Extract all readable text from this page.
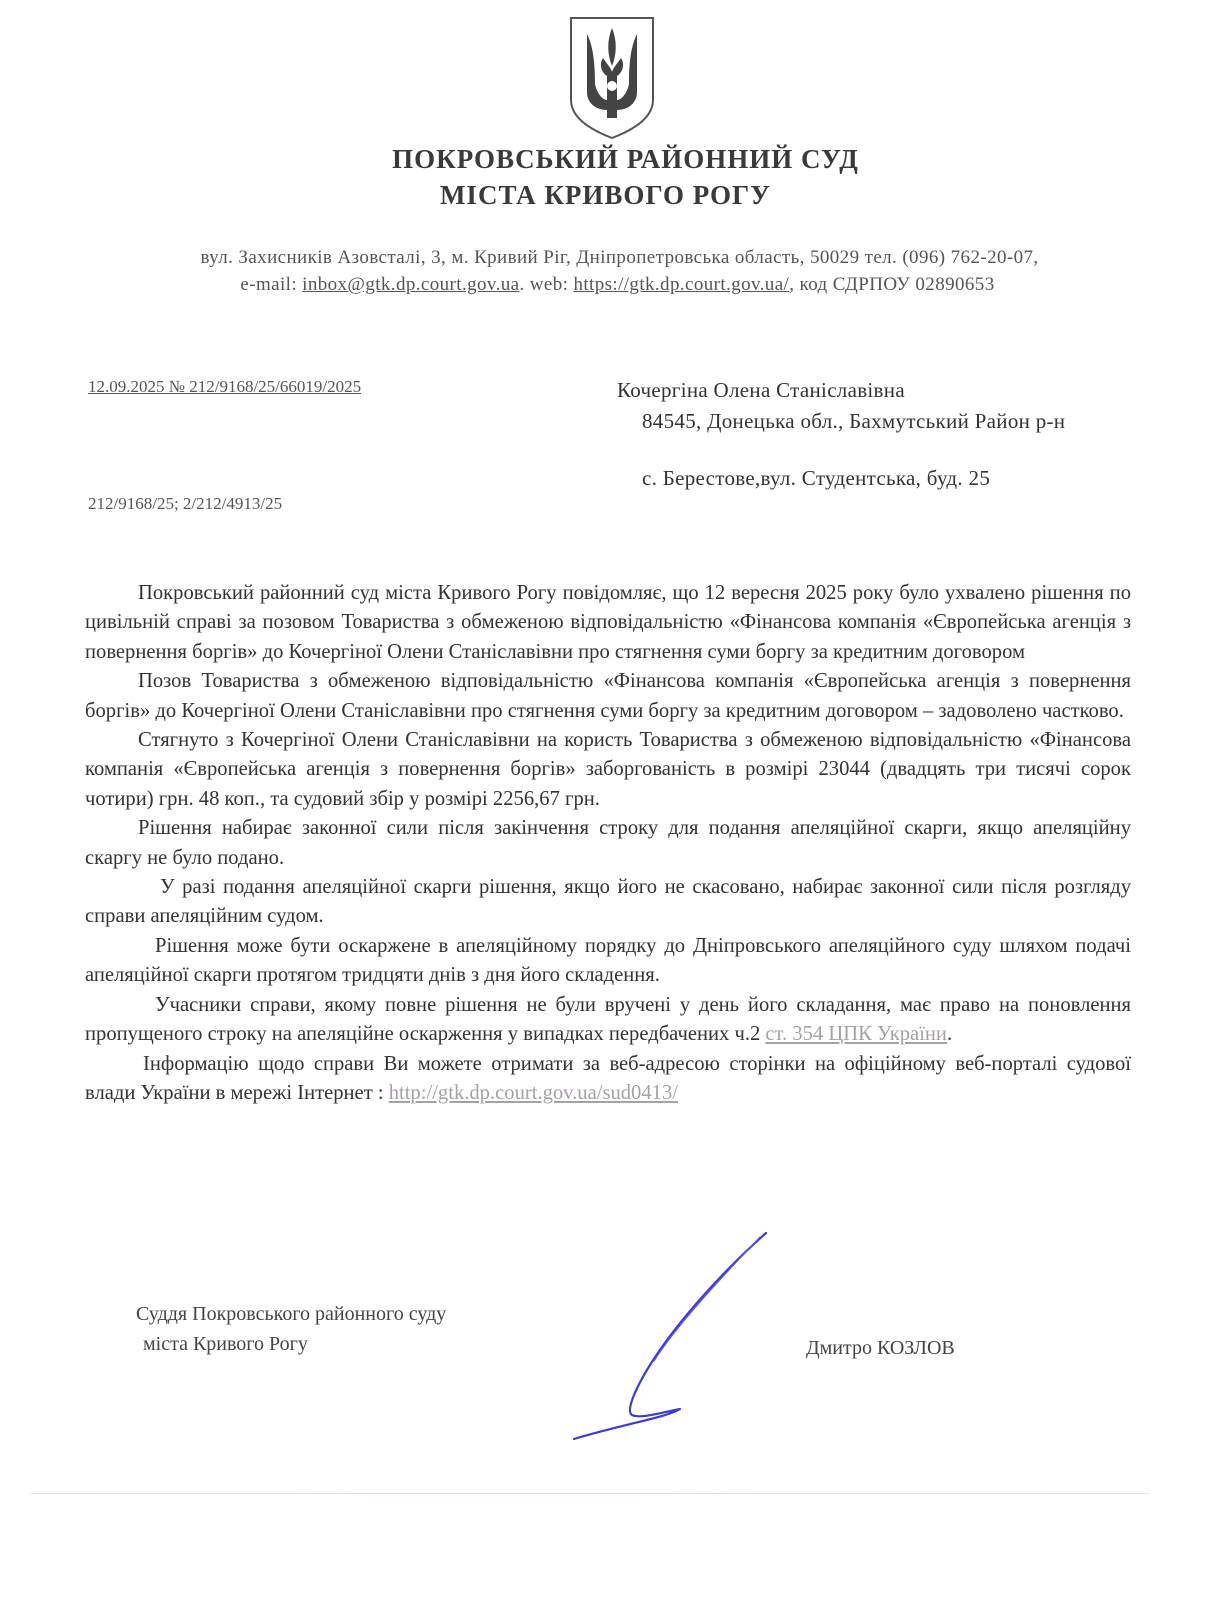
ПОКРОВСЬКИЙ РАЙОННИЙ СУД
МІСТА КРИВОГО РОГУ
вул. Захисників Азовсталі, 3, м. Кривий Ріг, Дніпропетровська область, 50029 тел. (096) 762-20-07,
e-mail: inbox@gtk.dp.court.gov.ua. web: https://gtk.dp.court.gov.ua/, код СДРПОУ 02890653
12.09.2025 № 212/9168/25/66019/2025
212/9168/25; 2/212/4913/25
Кочергіна Олена Станіславівна
84545, Донецька обл., Бахмутський Район р-н
с. Берестове,вул. Студентська, буд. 25

Покровський районний суд міста Кривого Рогу повідомляє, що 12 вересня 2025 року було ухвалено рішення по цивільній справі за позовом Товариства з обмеженою відповідальністю «Фінансова компанія «Європейська агенція з повернення боргів» до Кочергіної Олени Станіславівни про стягнення суми боргу за кредитним договором

Позов Товариства з обмеженою відповідальністю «Фінансова компанія «Європейська агенція з повернення боргів» до Кочергіної Олени Станіславівни про стягнення суми боргу за кредитним договором – задоволено частково.

Стягнуто з Кочергіної Олени Станіславівни на користь Товариства з обмеженою відповідальністю «Фінансова компанія «Європейська агенція з повернення боргів» заборгованість в розмірі 23044 (двадцять три тисячі сорок чотири) грн. 48 коп., та судовий збір у розмірі 2256,67 грн.

Рішення набирає законної сили після закінчення строку для подання апеляційної скарги, якщо апеляційну скаргу не було подано.

У разі подання апеляційної скарги рішення, якщо його не скасовано, набирає законної сили після розгляду справи апеляційним судом.

Рішення може бути оскаржене в апеляційному порядку до Дніпровського апеляційного суду шляхом подачі апеляційної скарги протягом тридцяти днів з дня його складення.

Учасники справи, якому повне рішення не були вручені у день його складання, має право на поновлення пропущеного строку на апеляційне оскарження у випадках передбачених ч.2 ст. 354 ЦПК України.

Інформацію щодо справи Ви можете отримати за веб-адресою сторінки на офіційному веб-порталі судової влади України в мережі Інтернет : http://gtk.dp.court.gov.ua/sud0413/

Суддя Покровського районного суду
міста Кривого Рогу	Дмитро КОЗЛОВ
